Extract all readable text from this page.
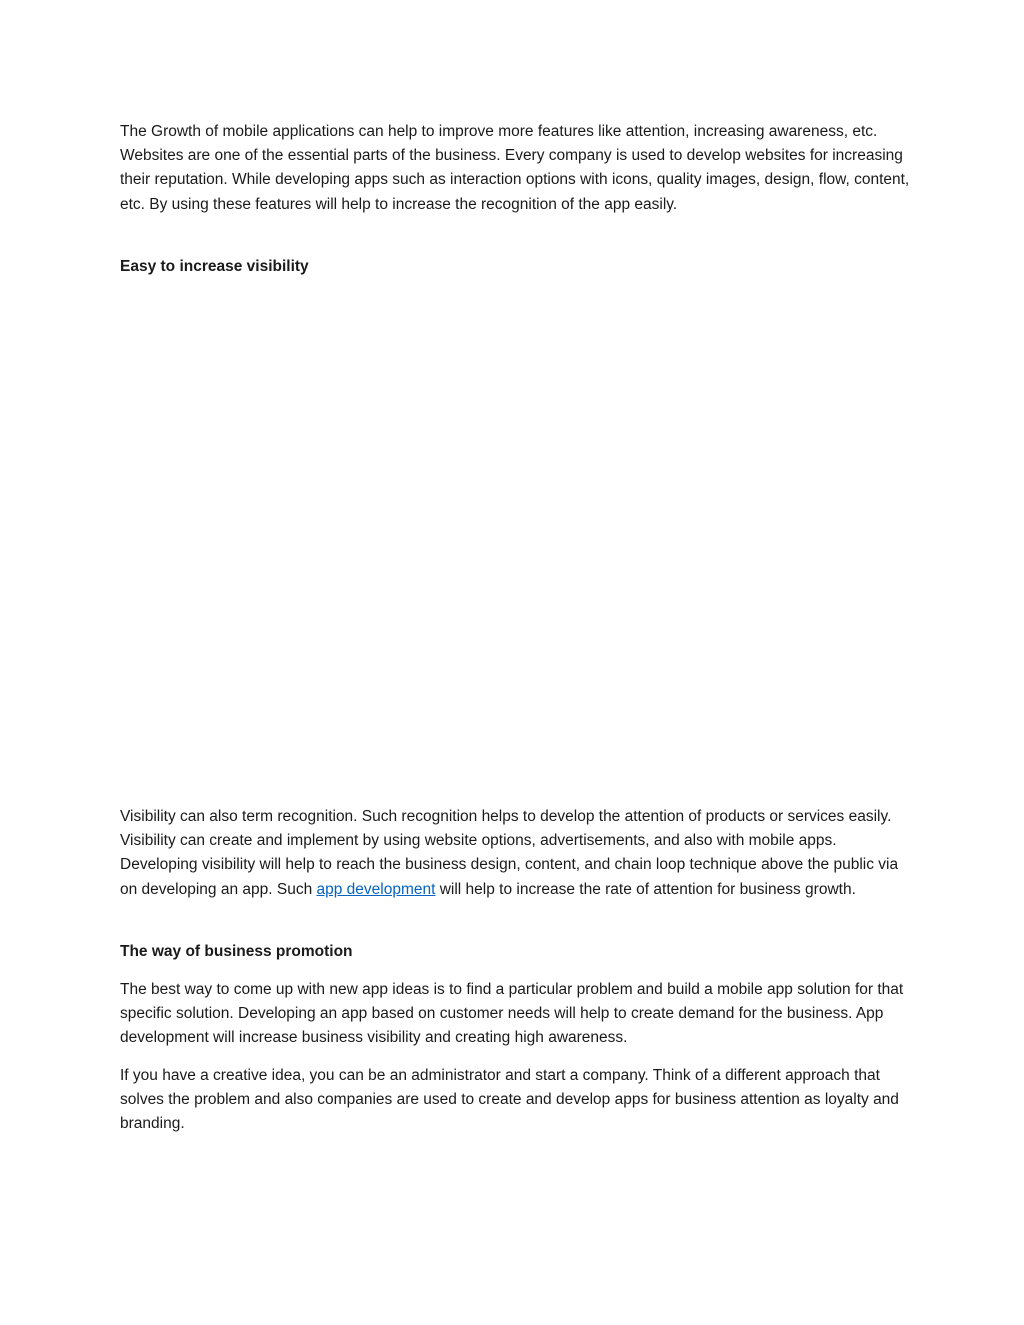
The Growth of mobile applications can help to improve more features like attention, increasing awareness, etc. Websites are one of the essential parts of the business. Every company is used to develop websites for increasing their reputation. While developing apps such as interaction options with icons, quality images, design, flow, content, etc. By using these features will help to increase the recognition of the app easily.

Easy to increase visibility

Visibility can also term recognition. Such recognition helps to develop the attention of products or services easily. Visibility can create and implement by using website options, advertisements, and also with mobile apps. Developing visibility will help to reach the business design, content, and chain loop technique above the public via on developing an app. Such app development will help to increase the rate of attention for business growth.

The way of business promotion

The best way to come up with new app ideas is to find a particular problem and build a mobile app solution for that specific solution. Developing an app based on customer needs will help to create demand for the business. App development will increase business visibility and creating high awareness.

If you have a creative idea, you can be an administrator and start a company. Think of a different approach that solves the problem and also companies are used to create and develop apps for business attention as loyalty and branding.
